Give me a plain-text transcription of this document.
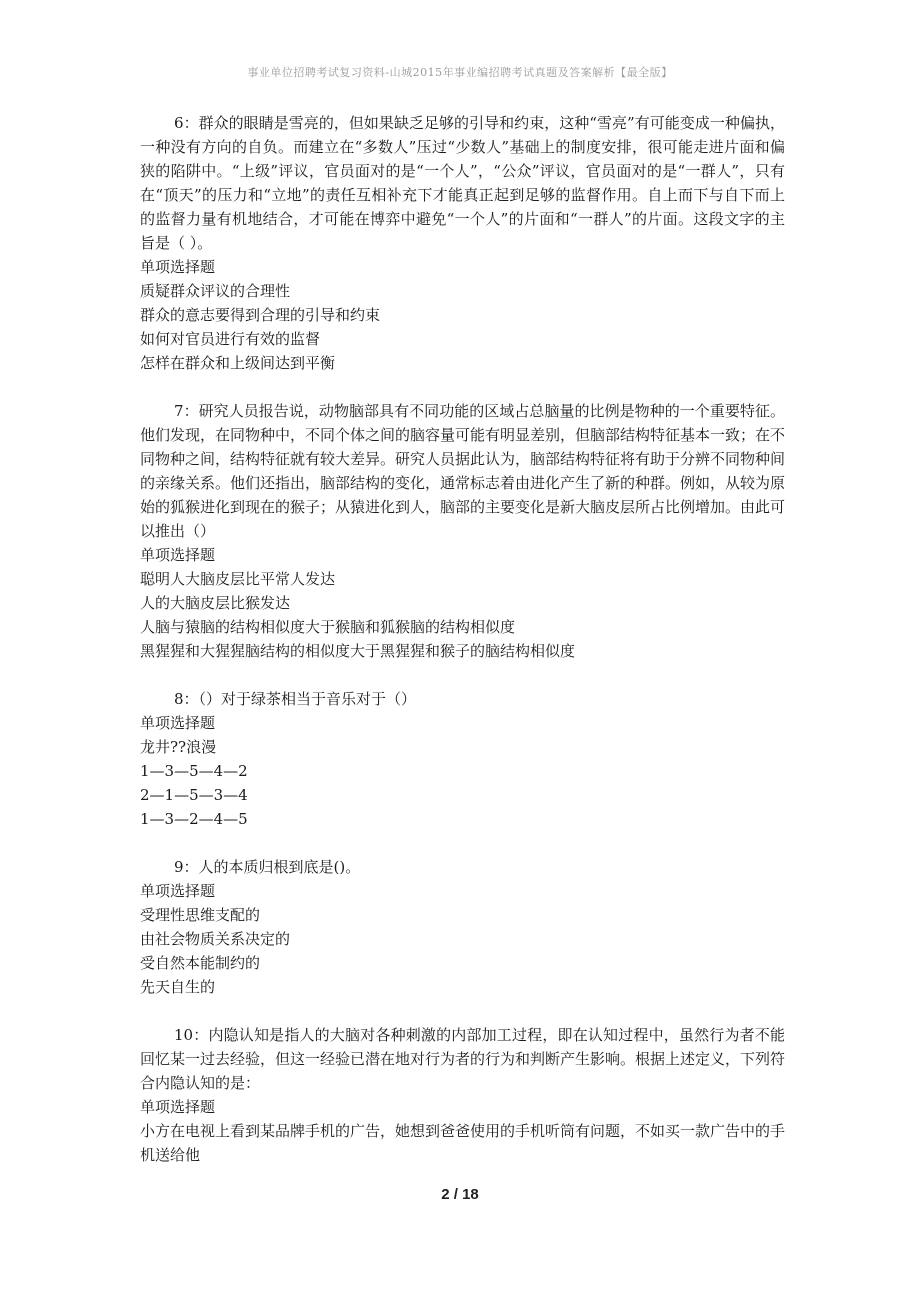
事业单位招聘考试复习资料-山城2015年事业编招聘考试真题及答案解析【最全版】

6：群众的眼睛是雪亮的，但如果缺乏足够的引导和约束，这种“雪亮”有可能变成一种偏执，一种没有方向的自负。而建立在“多数人”压过“少数人”基础上的制度安排，很可能走进片面和偏狭的陷阱中。“上级”评议，官员面对的是“一个人”，“公众”评议，官员面对的是“一群人”，只有在“顶天”的压力和“立地”的责任互相补充下才能真正起到足够的监督作用。自上而下与自下而上的监督力量有机地结合，才可能在博弈中避免“一个人”的片面和“一群人”的片面。这段文字的主旨是（ ）。

单项选择题

质疑群众评议的合理性

群众的意志要得到合理的引导和约束

如何对官员进行有效的监督

怎样在群众和上级间达到平衡

7：研究人员报告说，动物脑部具有不同功能的区域占总脑量的比例是物种的一个重要特征。他们发现，在同物种中，不同个体之间的脑容量可能有明显差别，但脑部结构特征基本一致；在不同物种之间，结构特征就有较大差异。研究人员据此认为，脑部结构特征将有助于分辨不同物种间的亲缘关系。他们还指出，脑部结构的变化，通常标志着由进化产生了新的种群。例如，从较为原始的狐猴进化到现在的猴子；从猿进化到人，脑部的主要变化是新大脑皮层所占比例增加。由此可以推出（）

单项选择题

聪明人大脑皮层比平常人发达

人的大脑皮层比猴发达

人脑与猿脑的结构相似度大于猴脑和狐猴脑的结构相似度

黑猩猩和大猩猩脑结构的相似度大于黑猩猩和猴子的脑结构相似度

8：（）对于绿茶相当于音乐对于（）

单项选择题

龙井??浪漫

1—3—5—4—2

2—1—5—3—4

1—3—2—4—5

9：人的本质归根到底是()。

单项选择题

受理性思维支配的

由社会物质关系决定的

受自然本能制约的

先天自生的

10：内隐认知是指人的大脑对各种刺激的内部加工过程，即在认知过程中，虽然行为者不能回忆某一过去经验，但这一经验已潜在地对行为者的行为和判断产生影响。根据上述定义，下列符合内隐认知的是：

单项选择题

小方在电视上看到某品牌手机的广告，她想到爸爸使用的手机听筒有问题，不如买一款广告中的手机送给他

2 / 18
